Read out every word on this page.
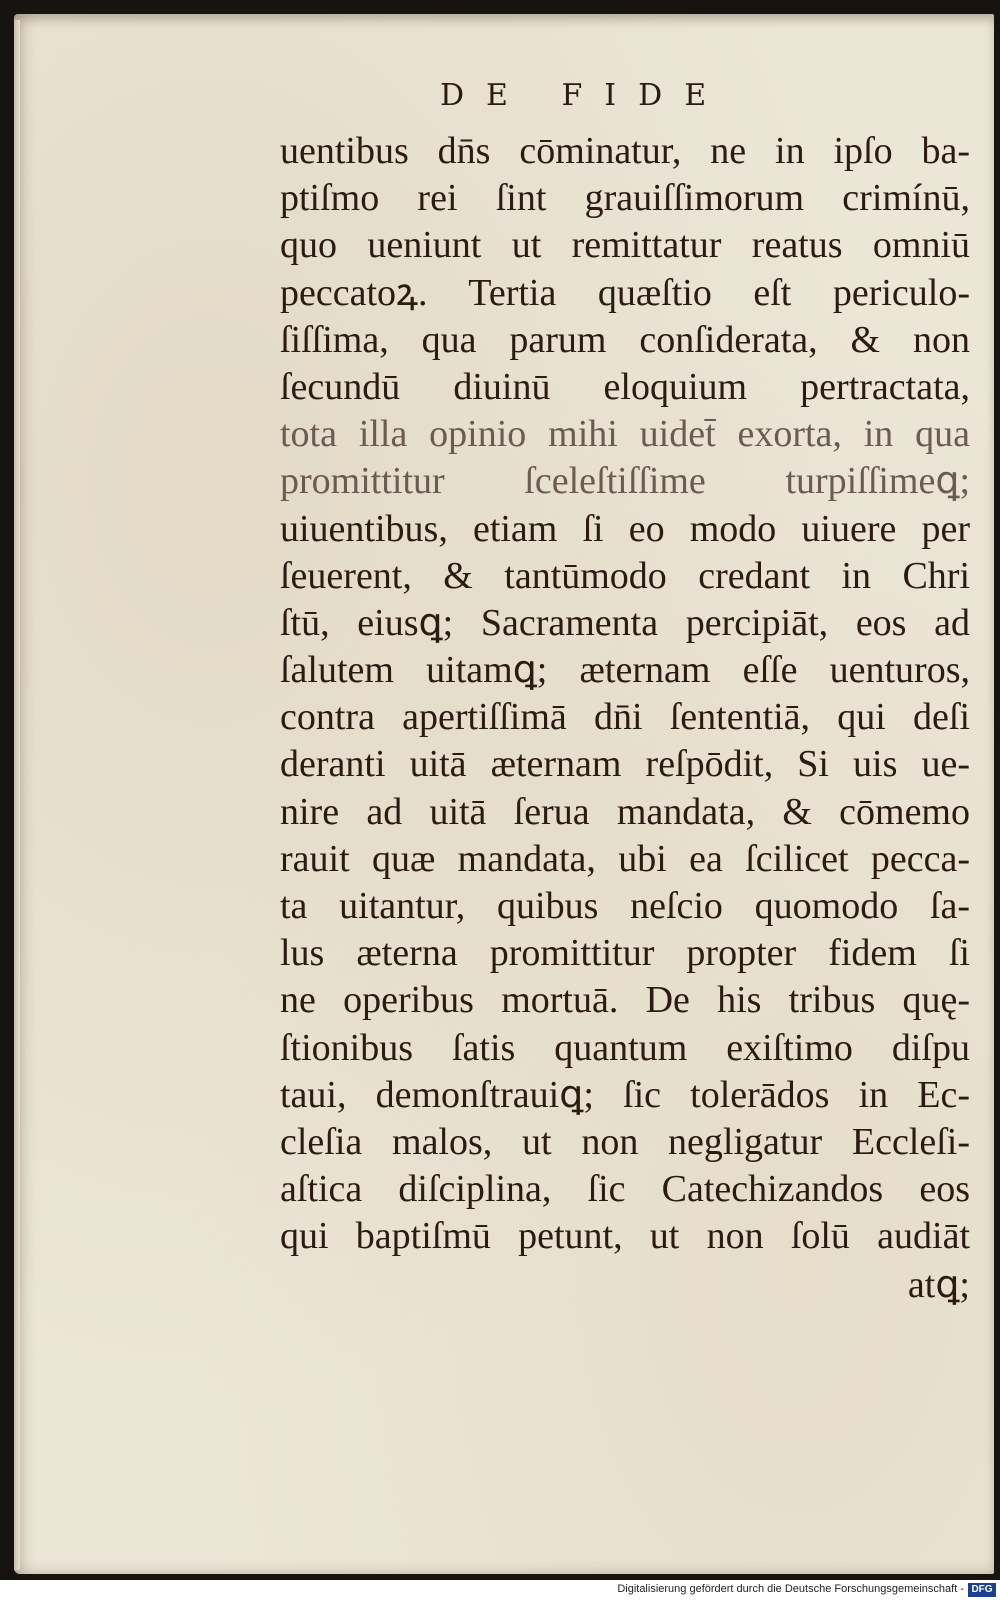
DE FIDE
uentibus dn̄s cōminatur, ne in ipſo ba-
ptiſmo rei ſint grauiſſimorum crimínū,
quo ueniunt ut remittatur reatus omniū
peccatoꝝ. Tertia quæſtio eſt periculo-
ſiſſima, qua parum conſiderata, & non
ſecundū diuinū eloquium pertractata,
tota illa opinio mihi uidet̄ exorta, in qua
promittitur ſceleſtiſſime turpiſſimeꝗ;
uiuentibus, etiam ſi eo modo uiuere per
ſeuerent, & tantūmodo credant in Chri
ſtū, eiusꝗ; Sacramenta percipiāt, eos ad
ſalutem uitamꝗ; æternam eſſe uenturos,
contra apertiſſimā dn̄i ſententiā, qui deſi
deranti uitā æternam reſpōdit, Si uis ue-
nire ad uitā ſerua mandata, & cōmemo
rauit quæ mandata, ubi ea ſcilicet pecca-
ta uitantur, quibus neſcio quomodo ſa-
lus æterna promittitur propter fidem ſi
ne operibus mortuā. De his tribus quę-
ſtionibus ſatis quantum exiſtimo diſpu
taui, demonſtrauiꝗ; ſic tolerādos in Ec-
cleſia malos, ut non negligatur Eccleſi-
aſtica diſciplina, ſic Catechizandos eos
qui baptiſmū petunt, ut non ſolū audiāt
atꝗ;
Digitalisierung gefördert durch die Deutsche Forschungsgemeinschaft - DFG
